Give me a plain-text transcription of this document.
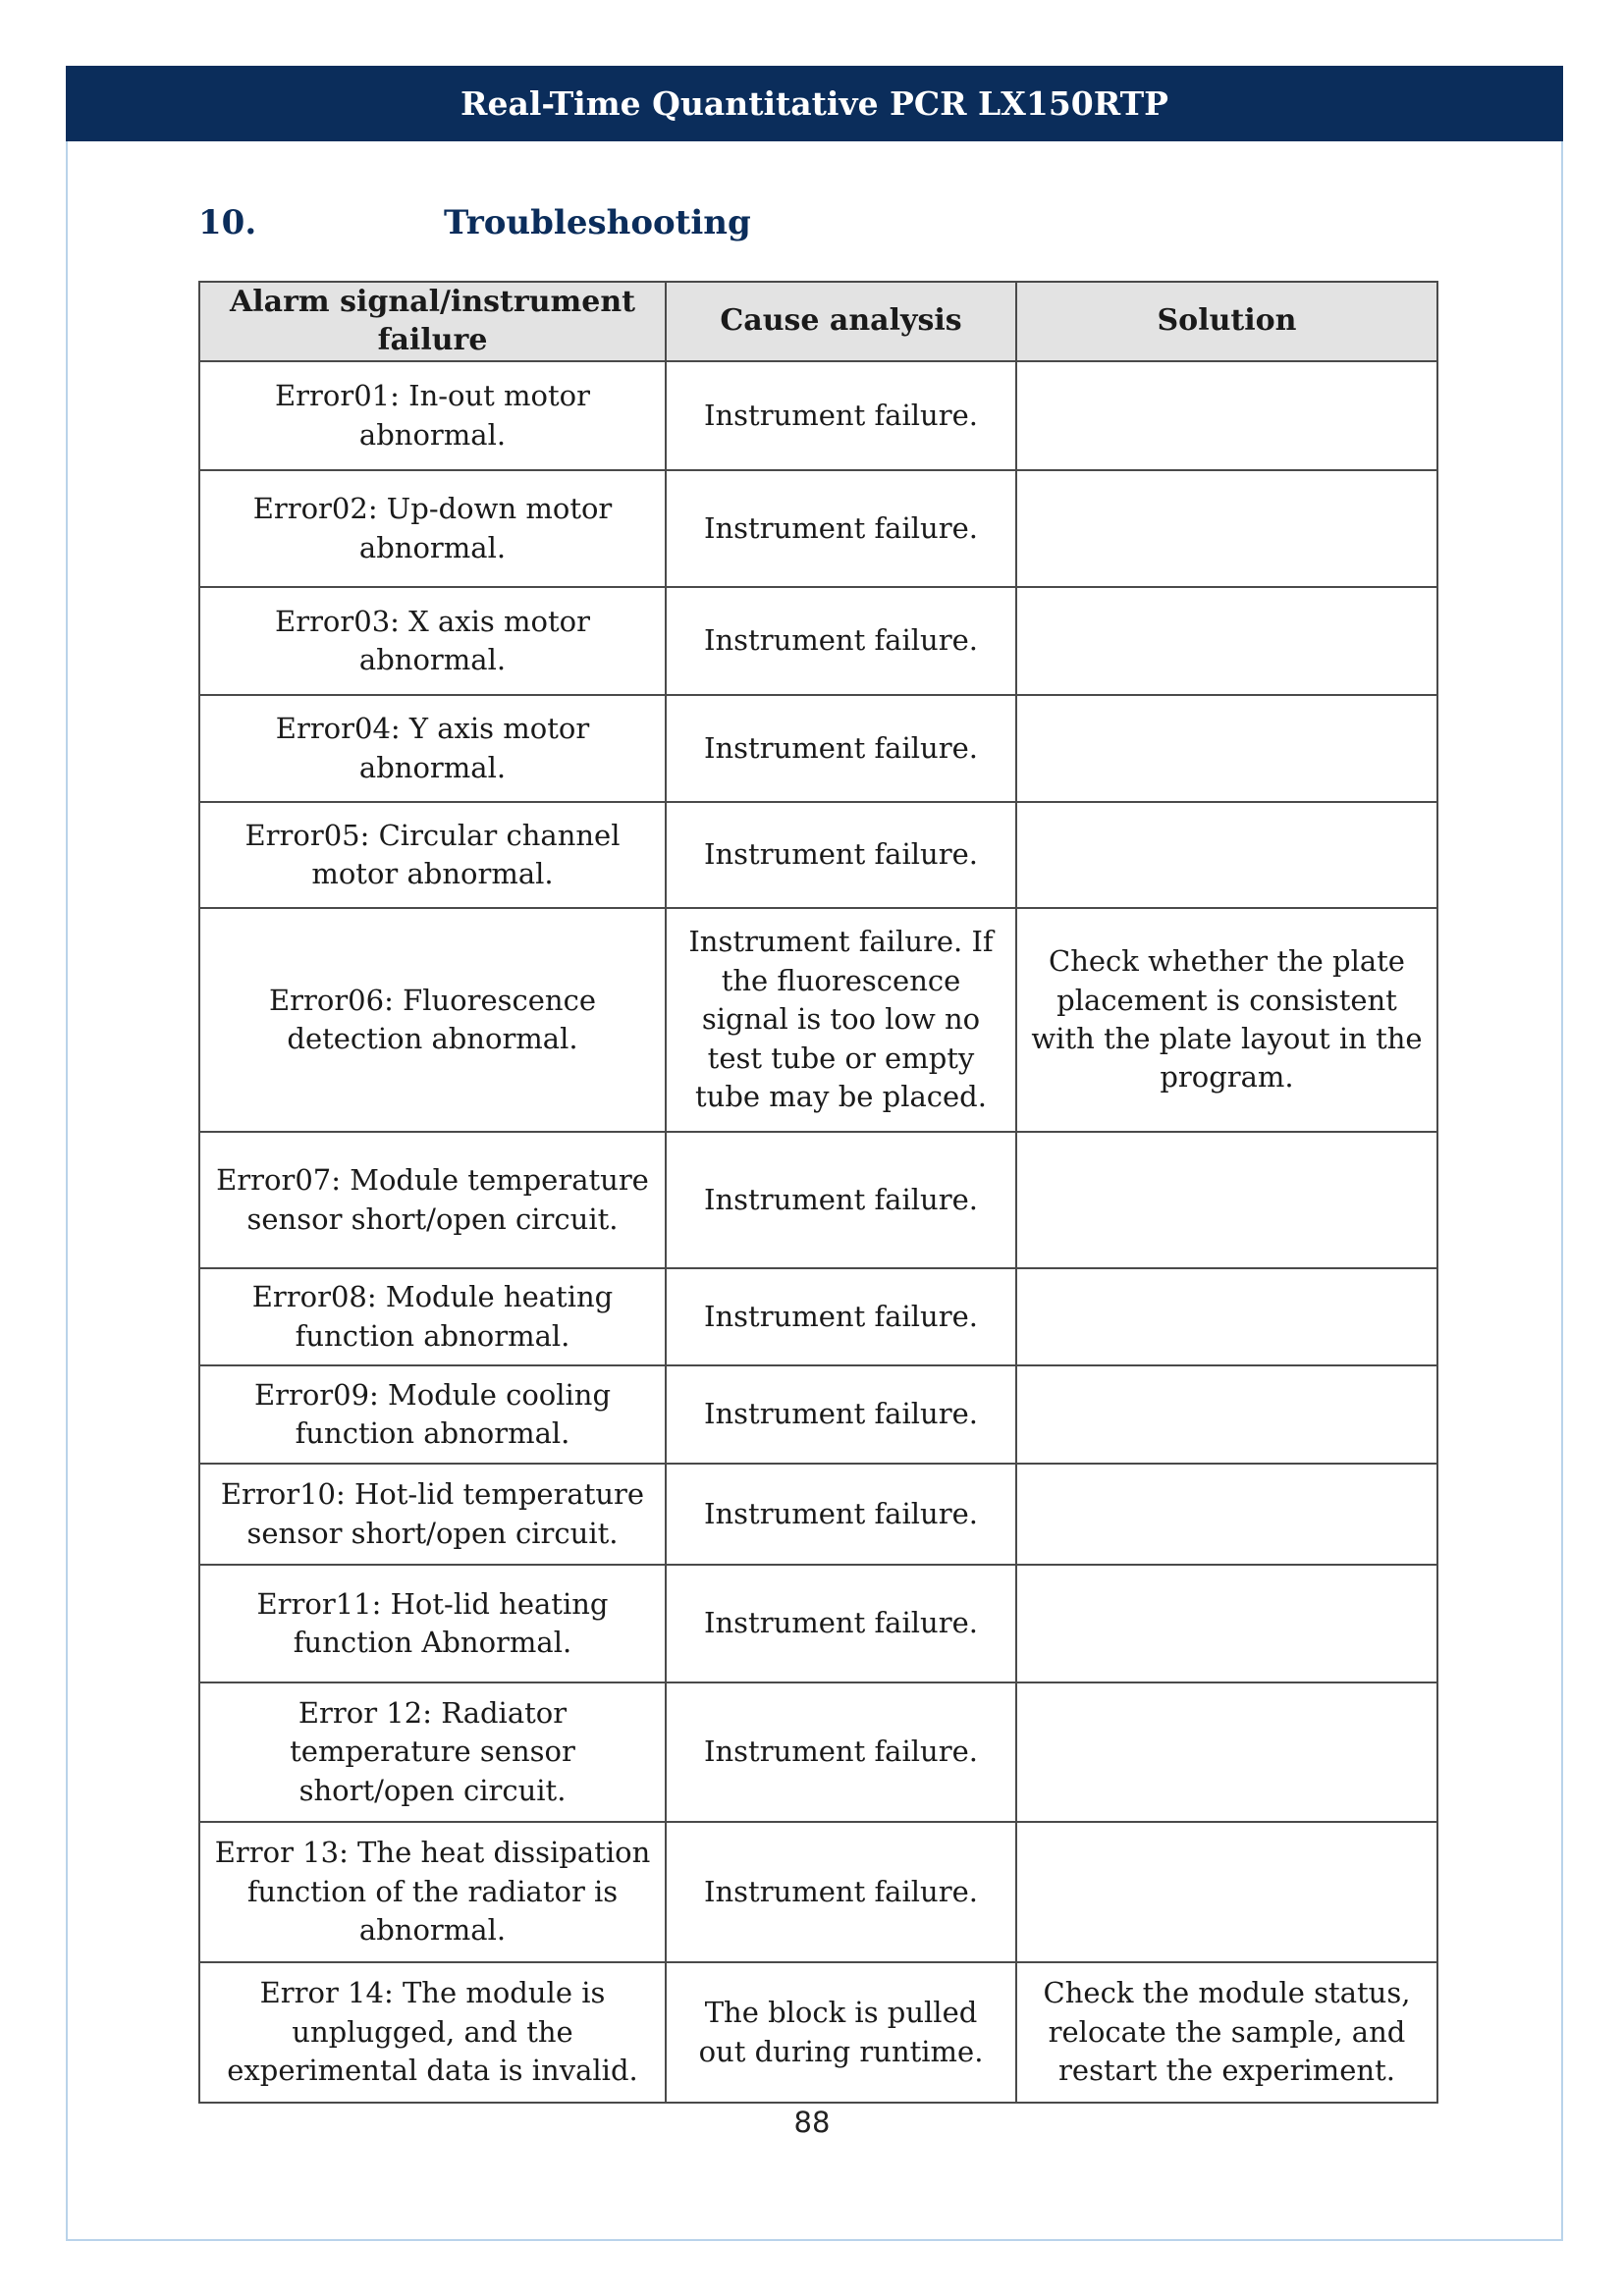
Real-Time Quantitative PCR LX150RTP
10.	Troubleshooting
Alarm signal/instrument failure	Cause analysis	Solution
Error01: In-out motor abnormal.	Instrument failure.	
Error02: Up-down motor abnormal.	Instrument failure.	
Error03: X axis motor abnormal.	Instrument failure.	
Error04: Y axis motor abnormal.	Instrument failure.	
Error05: Circular channel motor abnormal.	Instrument failure.	
Error06: Fluorescence detection abnormal.	Instrument failure. If the fluorescence signal is too low no test tube or empty tube may be placed.	Check whether the plate placement is consistent with the plate layout in the program.
Error07: Module temperature sensor short/open circuit.	Instrument failure.	
Error08: Module heating function abnormal.	Instrument failure.	
Error09: Module cooling function abnormal.	Instrument failure.	
Error10: Hot-lid temperature sensor short/open circuit.	Instrument failure.	
Error11: Hot-lid heating function Abnormal.	Instrument failure.	
Error 12: Radiator temperature sensor short/open circuit.	Instrument failure.	
Error 13: The heat dissipation function of the radiator is abnormal.	Instrument failure.	
Error 14: The module is unplugged, and the experimental data is invalid.	The block is pulled out during runtime.	Check the module status, relocate the sample, and restart the experiment.
88
